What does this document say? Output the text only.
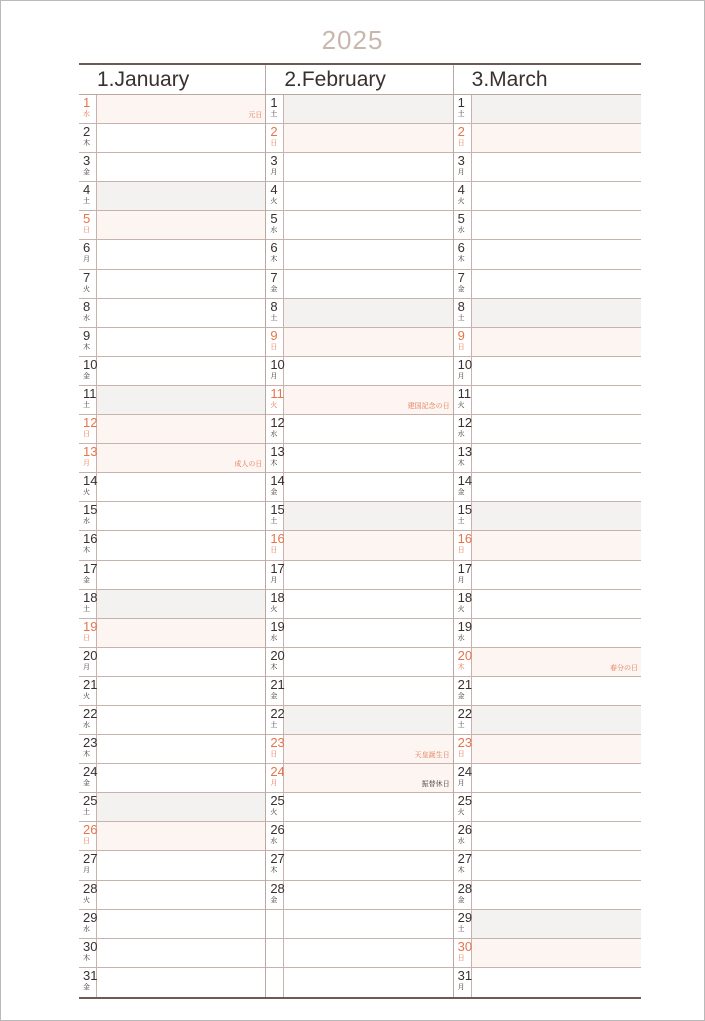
2025
1.January
1
水	元日
2
木
3
金
4
土
5
日
6
月
7
火
8
水
9
木
10
金
11
土
12
日
13
月	成人の日
14
火
15
水
16
木
17
金
18
土
19
日
20
月
21
火
22
水
23
木
24
金
25
土
26
日
27
月
28
火
29
水
30
木
31
金
2.February
1
土
2
日
3
月
4
火
5
水
6
木
7
金
8
土
9
日
10
月
11
火	建国記念の日
12
水
13
木
14
金
15
土
16
日
17
月
18
火
19
水
20
木
21
金
22
土
23
日	天皇誕生日
24
月	振替休日
25
火
26
水
27
木
28
金
3.March
1
土
2
日
3
月
4
火
5
水
6
木
7
金
8
土
9
日
10
月
11
火
12
水
13
木
14
金
15
土
16
日
17
月
18
火
19
水
20
木	春分の日
21
金
22
土
23
日
24
月
25
火
26
水
27
木
28
金
29
土
30
日
31
月
